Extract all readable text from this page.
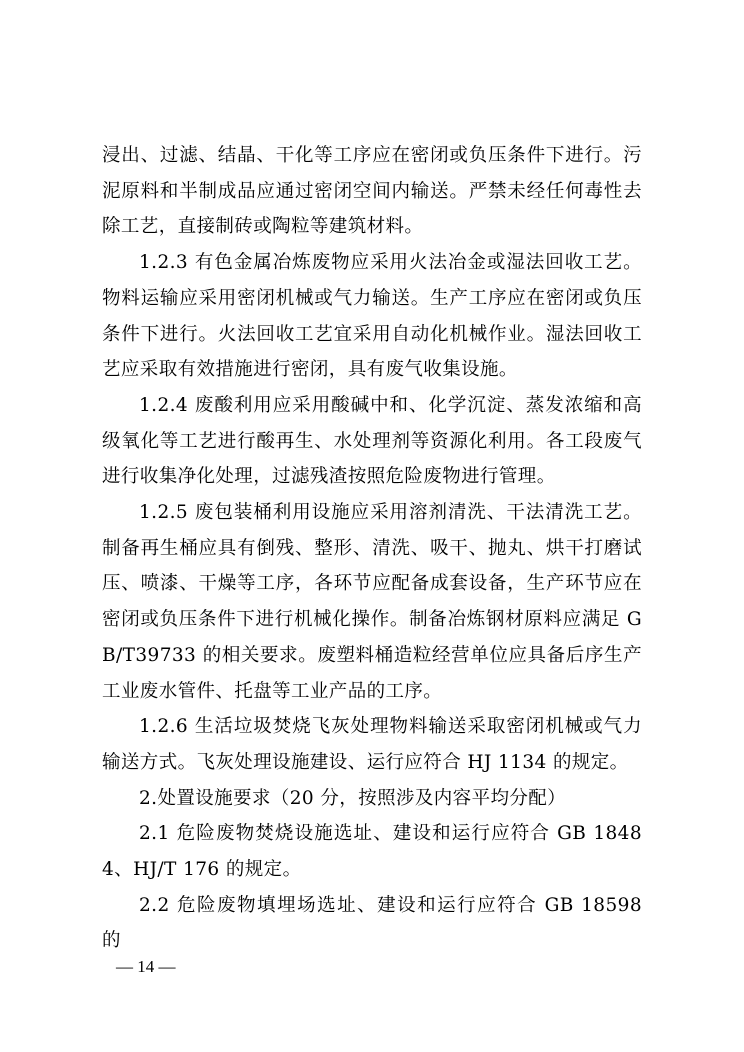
浸出、过滤、结晶、干化等工序应在密闭或负压条件下进行。污泥原料和半制成品应通过密闭空间内输送。严禁未经任何毒性去除工艺，直接制砖或陶粒等建筑材料。

1.2.3 有色金属冶炼废物应采用火法冶金或湿法回收工艺。物料运输应采用密闭机械或气力输送。生产工序应在密闭或负压条件下进行。火法回收工艺宜采用自动化机械作业。湿法回收工艺应采取有效措施进行密闭，具有废气收集设施。

1.2.4 废酸利用应采用酸碱中和、化学沉淀、蒸发浓缩和高级氧化等工艺进行酸再生、水处理剂等资源化利用。各工段废气进行收集净化处理，过滤残渣按照危险废物进行管理。

1.2.5 废包装桶利用设施应采用溶剂清洗、干法清洗工艺。制备再生桶应具有倒残、整形、清洗、吸干、抛丸、烘干打磨试压、喷漆、干燥等工序，各环节应配备成套设备，生产环节应在密闭或负压条件下进行机械化操作。制备冶炼钢材原料应满足 GB/T39733 的相关要求。废塑料桶造粒经营单位应具备后序生产工业废水管件、托盘等工业产品的工序。

1.2.6 生活垃圾焚烧飞灰处理物料输送采取密闭机械或气力输送方式。飞灰处理设施建设、运行应符合 HJ 1134 的规定。

2.处置设施要求（20 分，按照涉及内容平均分配）

2.1 危险废物焚烧设施选址、建设和运行应符合 GB 18484、HJ/T 176 的规定。

2.2 危险废物填埋场选址、建设和运行应符合 GB 18598 的

— 14 —
